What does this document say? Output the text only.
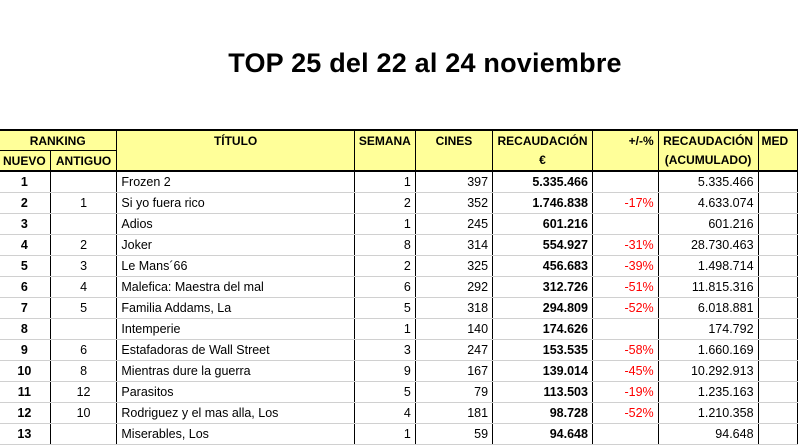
TOP 25 del 22 al 24 noviembre
RANKING		TÍTULO	SEMANA	CINES	RECAUDACIÓN	+/-%	RECAUDACIÓN	MED
NUEVO	ANTIGUO				€		(ACUMULADO)	
1		Frozen 2	1	397	5.335.466		5.335.466	
2	1	Si yo fuera rico	2	352	1.746.838	-17%	4.633.074	
3		Adios	1	245	601.216		601.216	
4	2	Joker	8	314	554.927	-31%	28.730.463	
5	3	Le Mans´66	2	325	456.683	-39%	1.498.714	
6	4	Malefica: Maestra del mal	6	292	312.726	-51%	11.815.316	
7	5	Familia Addams, La	5	318	294.809	-52%	6.018.881	
8		Intemperie	1	140	174.626		174.792	
9	6	Estafadoras de Wall Street	3	247	153.535	-58%	1.660.169	
10	8	Mientras dure la guerra	9	167	139.014	-45%	10.292.913	
11	12	Parasitos	5	79	113.503	-19%	1.235.163	
12	10	Rodriguez y el mas alla, Los	4	181	98.728	-52%	1.210.358	
13		Miserables, Los	1	59	94.648		94.648	
